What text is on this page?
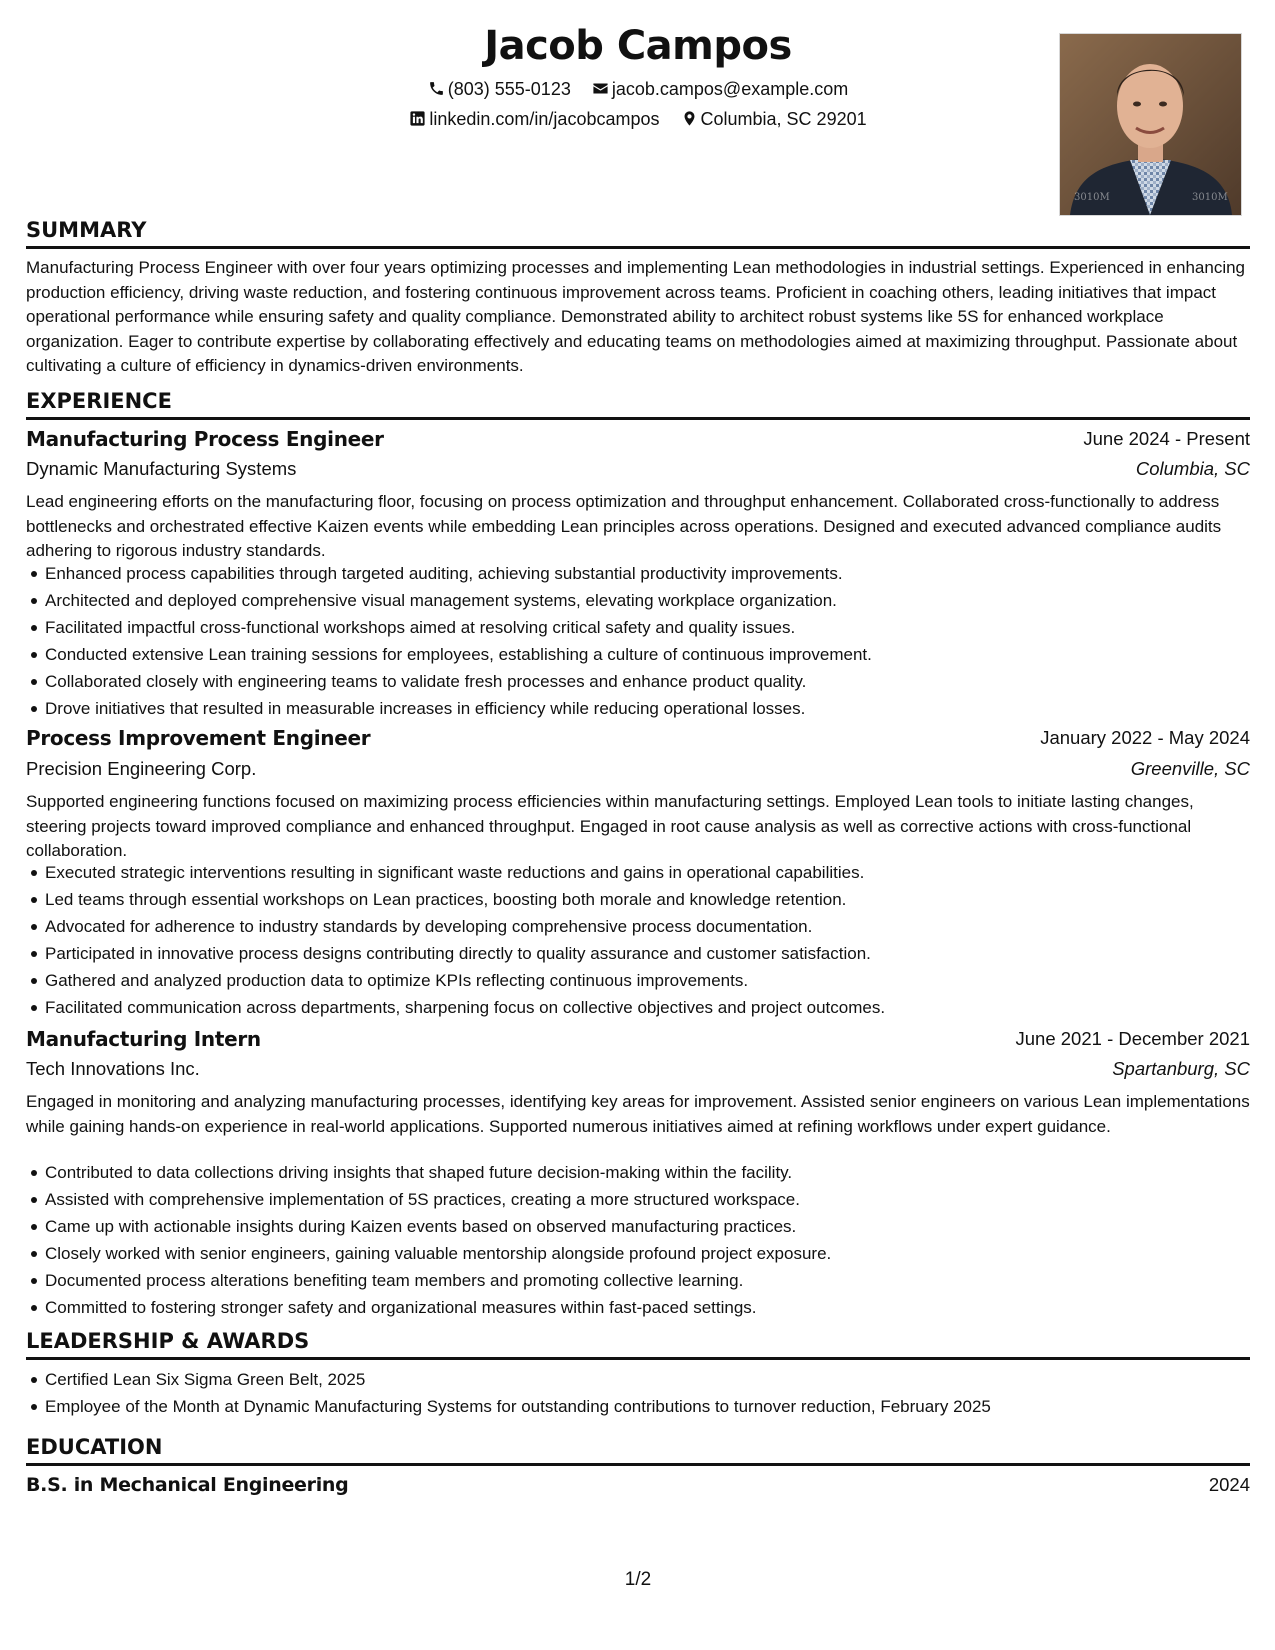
Jacob Campos
(803) 555-0123 jacob.campos@example.com
linkedin.com/in/jacobcampos Columbia, SC 29201
3010M	3010M
SUMMARY

Manufacturing Process Engineer with over four years optimizing processes and implementing Lean methodologies in industrial settings. Experienced in enhancing production efficiency, driving waste reduction, and fostering continuous improvement across teams. Proficient in coaching others, leading initiatives that impact operational performance while ensuring safety and quality compliance. Demonstrated ability to architect robust systems like 5S for enhanced workplace organization. Eager to contribute expertise by collaborating effectively and educating teams on methodologies aimed at maximizing throughput. Passionate about cultivating a culture of efficiency in dynamics-driven environments.

EXPERIENCE
Manufacturing Process Engineer	June 2024 - Present
Dynamic Manufacturing Systems	Columbia, SC

Lead engineering efforts on the manufacturing floor, focusing on process optimization and throughput enhancement. Collaborated cross-functionally to address bottlenecks and orchestrated effective Kaizen events while embedding Lean principles across operations. Designed and executed advanced compliance audits adhering to rigorous industry standards.

Enhanced process capabilities through targeted auditing, achieving substantial productivity improvements.
Architected and deployed comprehensive visual management systems, elevating workplace organization.
Facilitated impactful cross-functional workshops aimed at resolving critical safety and quality issues.
Conducted extensive Lean training sessions for employees, establishing a culture of continuous improvement.
Collaborated closely with engineering teams to validate fresh processes and enhance product quality.
Drove initiatives that resulted in measurable increases in efficiency while reducing operational losses.
Process Improvement Engineer	January 2022 - May 2024
Precision Engineering Corp.	Greenville, SC

Supported engineering functions focused on maximizing process efficiencies within manufacturing settings. Employed Lean tools to initiate lasting changes, steering projects toward improved compliance and enhanced throughput. Engaged in root cause analysis as well as corrective actions with cross-functional collaboration.

Executed strategic interventions resulting in significant waste reductions and gains in operational capabilities.
Led teams through essential workshops on Lean practices, boosting both morale and knowledge retention.
Advocated for adherence to industry standards by developing comprehensive process documentation.
Participated in innovative process designs contributing directly to quality assurance and customer satisfaction.
Gathered and analyzed production data to optimize KPIs reflecting continuous improvements.
Facilitated communication across departments, sharpening focus on collective objectives and project outcomes.
Manufacturing Intern	June 2021 - December 2021
Tech Innovations Inc.	Spartanburg, SC

Engaged in monitoring and analyzing manufacturing processes, identifying key areas for improvement. Assisted senior engineers on various Lean implementations while gaining hands-on experience in real-world applications. Supported numerous initiatives aimed at refining workflows under expert guidance.

Contributed to data collections driving insights that shaped future decision-making within the facility.
Assisted with comprehensive implementation of 5S practices, creating a more structured workspace.
Came up with actionable insights during Kaizen events based on observed manufacturing practices.
Closely worked with senior engineers, gaining valuable mentorship alongside profound project exposure.
Documented process alterations benefiting team members and promoting collective learning.
Committed to fostering stronger safety and organizational measures within fast-paced settings.
LEADERSHIP & AWARDS
Certified Lean Six Sigma Green Belt, 2025
Employee of the Month at Dynamic Manufacturing Systems for outstanding contributions to turnover reduction, February 2025
EDUCATION
B.S. in Mechanical Engineering	2024
1/2
